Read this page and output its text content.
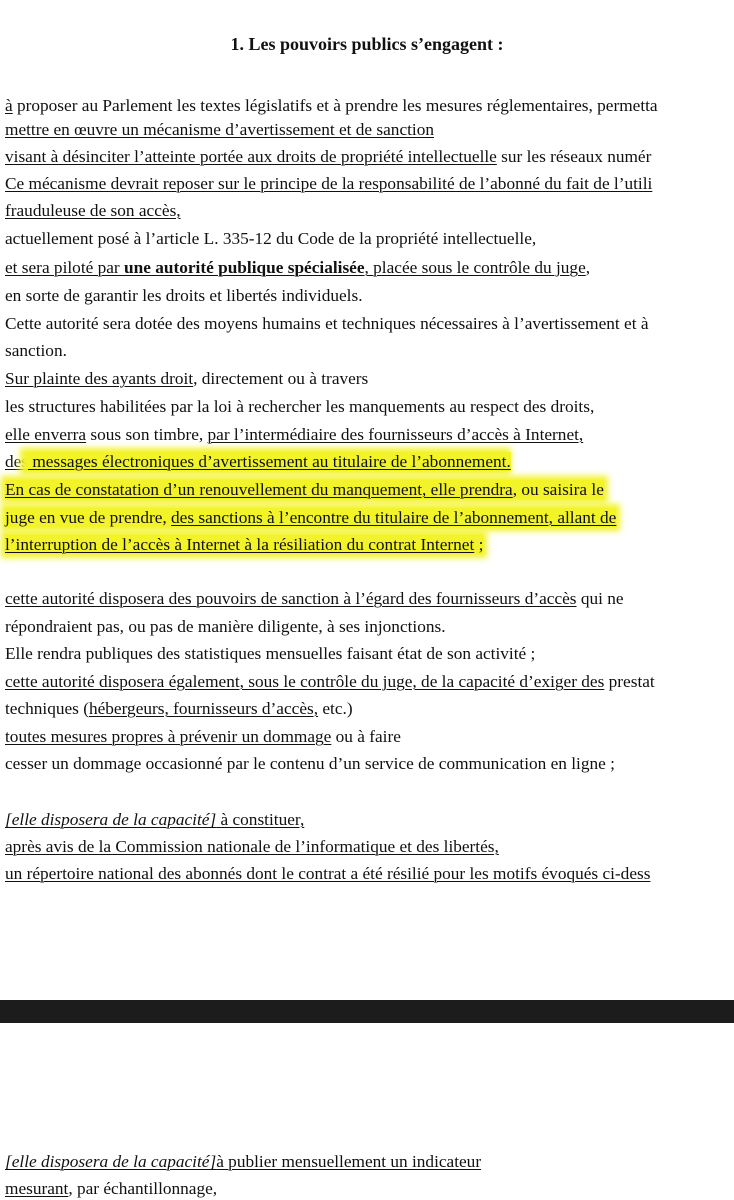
1. Les pouvoirs publics s’engagent :
à proposer au Parlement les textes législatifs et à prendre les mesures réglementaires, permetta
mettre en œuvre un mécanisme d’avertissement et de sanction
visant à désinciter l’atteinte portée aux droits de propriété intellectuelle sur les réseaux numér
Ce mécanisme devrait reposer sur le principe de la responsabilité de l’abonné du fait de l’utili
frauduleuse de son accès,
actuellement posé à l’article L. 335-12 du Code de la propriété intellectuelle,
et sera piloté par une autorité publique spécialisée, placée sous le contrôle du juge,
en sorte de garantir les droits et libertés individuels.
Cette autorité sera dotée des moyens humains et techniques nécessaires à l’avertissement et à
sanction.
Sur plainte des ayants droit, directement ou à travers
les structures habilitées par la loi à rechercher les manquements au respect des droits,
elle enverra sous son timbre, par l’intermédiaire des fournisseurs d’accès à Internet,
des messages électroniques d’avertissement au titulaire de l’abonnement.
En cas de constatation d’un renouvellement du manquement, elle prendra, ou saisira le
juge en vue de prendre, des sanctions à l’encontre du titulaire de l’abonnement, allant de
l’interruption de l’accès à Internet à la résiliation du contrat Internet ;
cette autorité disposera des pouvoirs de sanction à l’égard des fournisseurs d’accès qui ne
répondraient pas, ou pas de manière diligente, à ses injonctions.
Elle rendra publiques des statistiques mensuelles faisant état de son activité ;
cette autorité disposera également, sous le contrôle du juge, de la capacité d’exiger des prestat
techniques (hébergeurs, fournisseurs d’accès, etc.)
toutes mesures propres à prévenir un dommage ou à faire
cesser un dommage occasionné par le contenu d’un service de communication en ligne ;
[elle disposera de la capacité] à constituer,
après avis de la Commission nationale de l’informatique et des libertés,
un répertoire national des abonnés dont le contrat a été résilié pour les motifs évoqués ci-dess
[elle disposera de la capacité]à publier mensuellement un indicateur
mesurant, par échantillonnage,
